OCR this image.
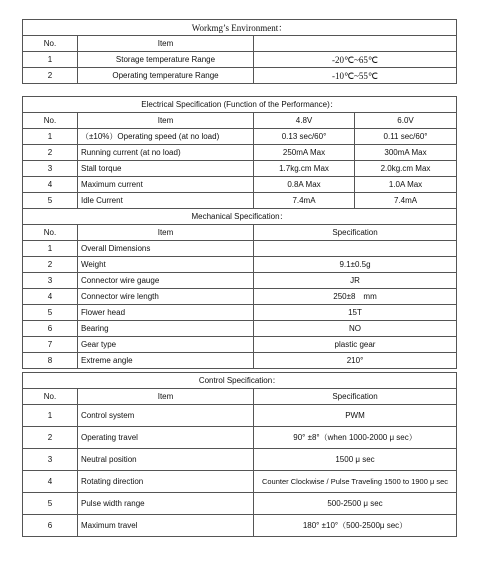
Workmg’s Environment：		
No.	Item	
1	Storage temperature Range	-20℃~65℃
2	Operating temperature Range	-10℃~55℃
Electrical Specification (Function of the Performance)：			
No.	Item	4.8V	6.0V
1	（±10%）Operating speed (at no load)	0.13 sec/60°	0.11 sec/60°
2	Running current (at no load)	250mA Max	300mA Max
3	Stall torque	1.7kg.cm Max	2.0kg.cm Max
4	Maximum current	0.8A Max	1.0A Max
5	Idle Current	7.4mA	7.4mA
Mechanical Specification：			
No.	Item	Specification	
1	Overall Dimensions		
2	Weight	9.1±0.5g	
3	Connector wire gauge	JR	
4	Connector wire length	250±8　mm	
5	Flower head	15T	
6	Bearing	NO	
7	Gear type	plastic gear	
8	Extreme angle	210°	
Control Specification：		
No.	Item	Specification
1	Control system	PWM
2	Operating travel	90° ±8°（when 1000-2000 μ sec）
3	Neutral position	1500 μ sec
4	Rotating direction	Counter Clockwise / Pulse Traveling 1500 to 1900 μ sec
5	Pulse width range	500-2500 μ sec
6	Maximum travel	180° ±10°（500-2500μ sec）
